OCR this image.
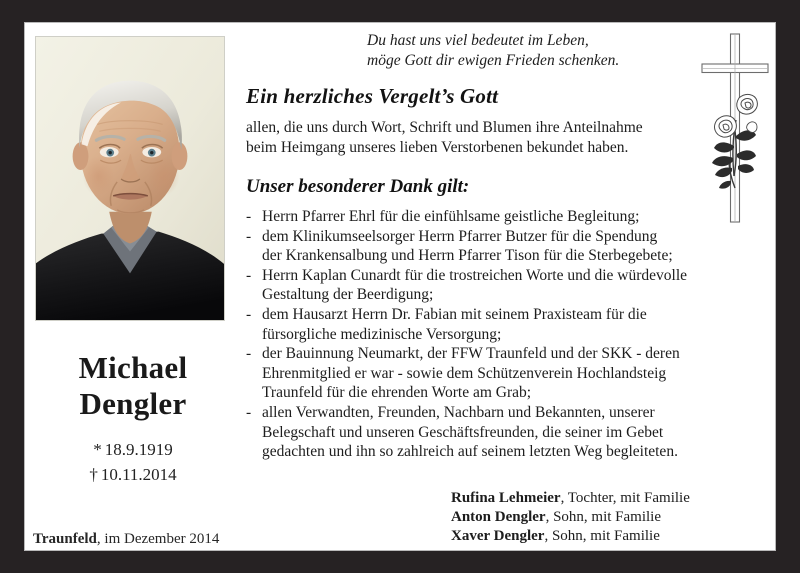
Michael
Dengler
* 18.9.1919
† 10.11.2014
Traunfeld, im Dezember 2014
Du hast uns viel bedeutet im Leben,
möge Gott dir ewigen Frieden schenken.
Ein herzliches Vergelt’s Gott
allen, die uns durch Wort, Schrift und Blumen ihre Anteilnahme
beim Heimgang unseres lieben Verstorbenen bekundet haben.
Unser besonderer Dank gilt:
- Herrn Pfarrer Ehrl für die einfühlsame geistliche Begleitung;
- dem Klinikumseelsorger Herrn Pfarrer Butzer für die Spendung
der Krankensalbung und Herrn Pfarrer Tison für die Sterbegebete;
- Herrn Kaplan Cunardt für die trostreichen Worte und die würdevolle
Gestaltung der Beerdigung;
- dem Hausarzt Herrn Dr. Fabian mit seinem Praxisteam für die
fürsorgliche medizinische Versorgung;
- der Bauinnung Neumarkt, der FFW Traunfeld und der SKK - deren
Ehrenmitglied er war - sowie dem Schützenverein Hochlandsteig
Traunfeld für die ehrenden Worte am Grab;
- allen Verwandten, Freunden, Nachbarn und Bekannten, unserer
Belegschaft und unseren Geschäftsfreunden, die seiner im Gebet
gedachten und ihn so zahlreich auf seinem letzten Weg begleiteten.
Rufina Lehmeier, Tochter, mit Familie
Anton Dengler, Sohn, mit Familie
Xaver Dengler, Sohn, mit Familie
